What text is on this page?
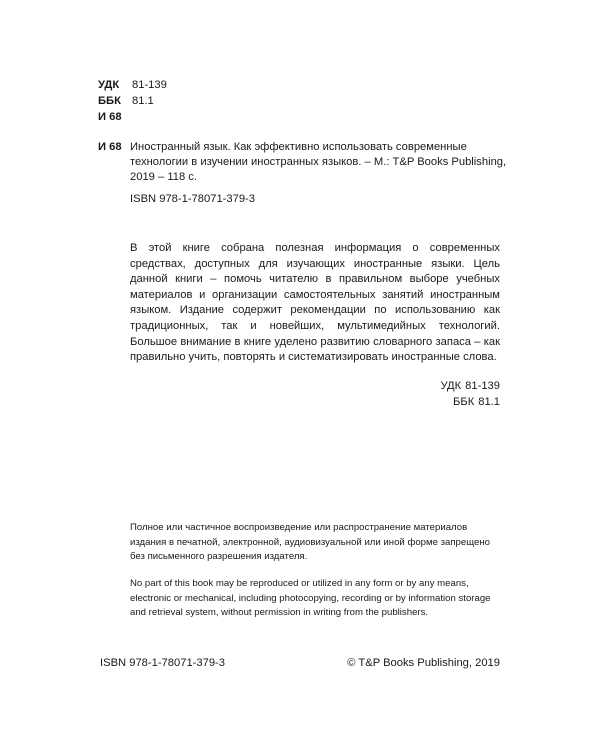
УДК	81-139
ББК 81.1
И 68
И 68 Иностранный язык. Как эффективно использовать современные технологии в изучении иностранных языков. – М.: T&P Books Publishing, 2019 – 118 с.
ISBN 978-1-78071-379-3
В этой книге собрана полезная информация о современных средствах, доступных для изучающих иностранные языки. Цель данной книги – помочь читателю в правильном выборе учебных материалов и организации самостоятельных занятий иностранным языком. Издание содержит рекомендации по использованию как традиционных, так и новейших, мультимедийных технологий. Большое внимание в книге уделено развитию словарного запаса – как правильно учить, повторять и систематизировать иностранные слова.
УДК 81-139
ББК 81.1
Полное или частичное воспроизведение или распространение материалов издания в печатной, электронной, аудиовизуальной или иной форме запрещено без письменного разрешения издателя.
No part of this book may be reproduced or utilized in any form or by any means, electronic or mechanical, including photocopying, recording or by information storage and retrieval system, without permission in writing from the publishers.
ISBN 978-1-78071-379-3	© T&P Books Publishing, 2019
